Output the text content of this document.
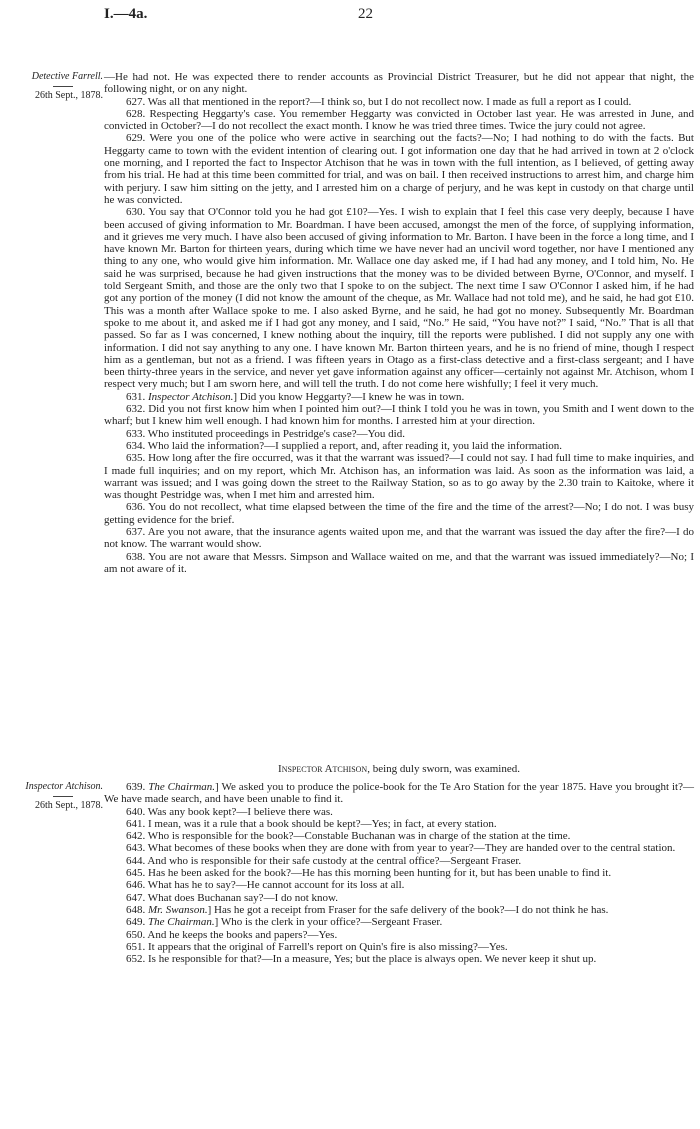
I.—4a.	22
Detective Farrell.
26th Sept., 1878.

—He had not. He was expected there to render accounts as Provincial District Treasurer, but he did not appear that night, the following night, or on any night.

627. Was all that mentioned in the report?—I think so, but I do not recollect now. I made as full a report as I could.

628. Respecting Heggarty's case. You remember Heggarty was convicted in October last year. He was arrested in June, and convicted in October?—I do not recollect the exact month. I know he was tried three times. Twice the jury could not agree.

629. Were you one of the police who were active in searching out the facts?—No; I had nothing to do with the facts. But Heggarty came to town with the evident intention of clearing out. I got information one day that he had arrived in town at 2 o'clock one morning, and I reported the fact to Inspector Atchison that he was in town with the full intention, as I believed, of getting away from his trial. He had at this time been committed for trial, and was on bail. I then received instructions to arrest him, and charge him with perjury. I saw him sitting on the jetty, and I arrested him on a charge of perjury, and he was kept in custody on that charge until he was convicted.

630. You say that O'Connor told you he had got £10?—Yes. I wish to explain that I feel this case very deeply, because I have been accused of giving information to Mr. Boardman. I have been accused, amongst the men of the force, of supplying information, and it grieves me very much. I have also been accused of giving information to Mr. Barton. I have been in the force a long time, and I have known Mr. Barton for thirteen years, during which time we have never had an uncivil word together, nor have I mentioned any thing to any one, who would give him information. Mr. Wallace one day asked me, if I had had any money, and I told him, No. He said he was surprised, because he had given instructions that the money was to be divided between Byrne, O'Connor, and myself. I told Sergeant Smith, and those are the only two that I spoke to on the subject. The next time I saw O'Connor I asked him, if he had got any portion of the money (I did not know the amount of the cheque, as Mr. Wallace had not told me), and he said, he had got £10. This was a month after Wallace spoke to me. I also asked Byrne, and he said, he had got no money. Subsequently Mr. Boardman spoke to me about it, and asked me if I had got any money, and I said, “No.” He said, “You have not?” I said, “No.” That is all that passed. So far as I was concerned, I knew nothing about the inquiry, till the reports were published. I did not supply any one with information. I did not say anything to any one. I have known Mr. Barton thirteen years, and he is no friend of mine, though I respect him as a gentleman, but not as a friend. I was fifteen years in Otago as a first-class detective and a first-class sergeant; and I have been thirty-three years in the service, and never yet gave information against any officer—certainly not against Mr. Atchison, whom I respect very much; but I am sworn here, and will tell the truth. I do not come here wishfully; I feel it very much.

631. Inspector Atchison.] Did you know Heggarty?—I knew he was in town.

632. Did you not first know him when I pointed him out?—I think I told you he was in town, you Smith and I went down to the wharf; but I knew him well enough. I had known him for months. I arrested him at your direction.

633. Who instituted proceedings in Pestridge's case?—You did.

634. Who laid the information?—I supplied a report, and, after reading it, you laid the information.

635. How long after the fire occurred, was it that the warrant was issued?—I could not say. I had full time to make inquiries, and I made full inquiries; and on my report, which Mr. Atchison has, an information was laid. As soon as the information was laid, a warrant was issued; and I was going down the street to the Railway Station, so as to go away by the 2.30 train to Kaitoke, where it was thought Pestridge was, when I met him and arrested him.

636. You do not recollect, what time elapsed between the time of the fire and the time of the arrest?—No; I do not. I was busy getting evidence for the brief.

637. Are you not aware, that the insurance agents waited upon me, and that the warrant was issued the day after the fire?—I do not know. The warrant would show.

638. You are not aware that Messrs. Simpson and Wallace waited on me, and that the warrant was issued immediately?—No; I am not aware of it.

Inspector Atchison, being duly sworn, was examined.
Inspector Atchison.
26th Sept., 1878.

639. The Chairman.] We asked you to produce the police-book for the Te Aro Station for the year 1875. Have you brought it?—We have made search, and have been unable to find it.

640. Was any book kept?—I believe there was.

641. I mean, was it a rule that a book should be kept?—Yes; in fact, at every station.

642. Who is responsible for the book?—Constable Buchanan was in charge of the station at the time.

643. What becomes of these books when they are done with from year to year?—They are handed over to the central station.

644. And who is responsible for their safe custody at the central office?—Sergeant Fraser.

645. Has he been asked for the book?—He has this morning been hunting for it, but has been unable to find it.

646. What has he to say?—He cannot account for its loss at all.

647. What does Buchanan say?—I do not know.

648. Mr. Swanson.] Has he got a receipt from Fraser for the safe delivery of the book?—I do not think he has.

649. The Chairman.] Who is the clerk in your office?—Sergeant Fraser.

650. And he keeps the books and papers?—Yes.

651. It appears that the original of Farrell's report on Quin's fire is also missing?—Yes.

652. Is he responsible for that?—In a measure, Yes; but the place is always open. We never keep it shut up.
